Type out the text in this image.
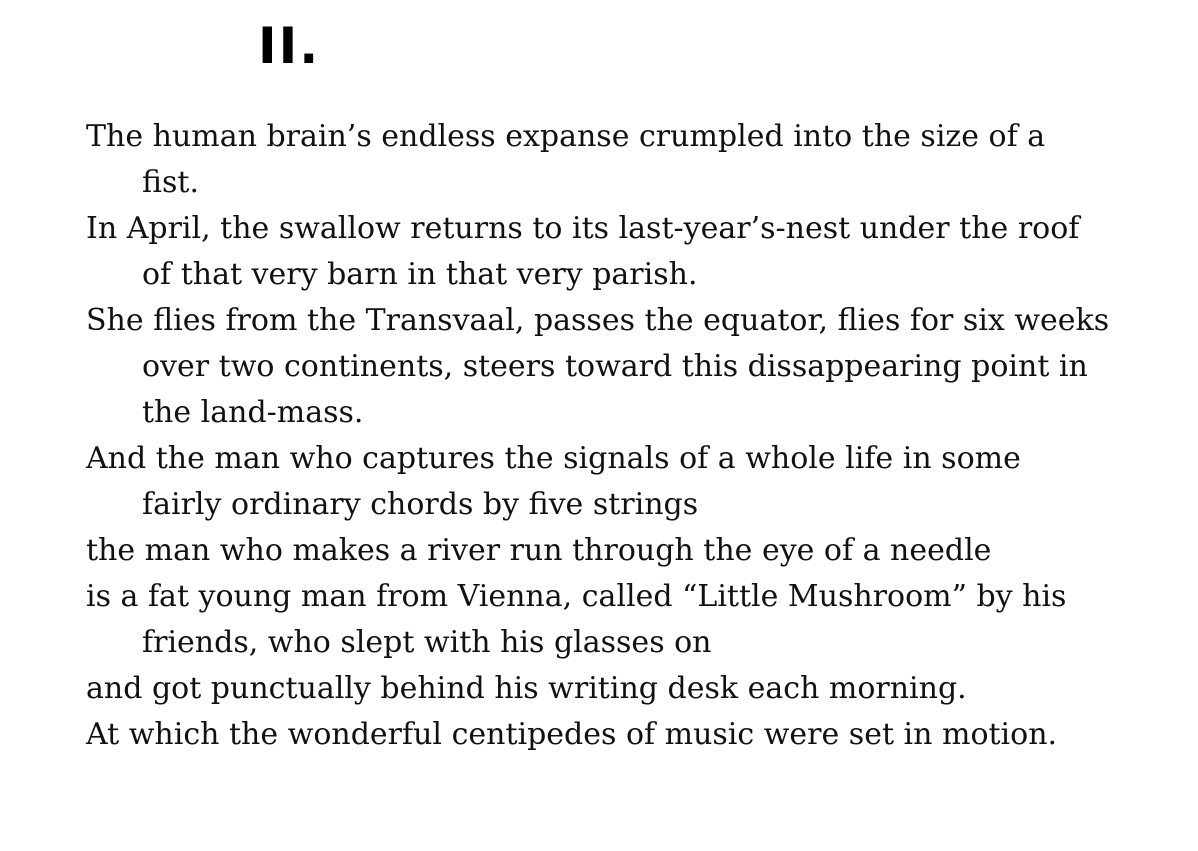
II.
The human brain’s endless expanse crumpled into the size of a
fist.
In April, the swallow returns to its last-year’s-nest under the roof
of that very barn in that very parish.
She flies from the Transvaal, passes the equator, flies for six weeks
over two continents, steers toward this dissappearing point in
the land-mass.
And the man who captures the signals of a whole life in some
fairly ordinary chords by five strings
the man who makes a river run through the eye of a needle
is a fat young man from Vienna, called “Little Mushroom” by his
friends, who slept with his glasses on
and got punctually behind his writing desk each morning.
At which the wonderful centipedes of music were set in motion.
